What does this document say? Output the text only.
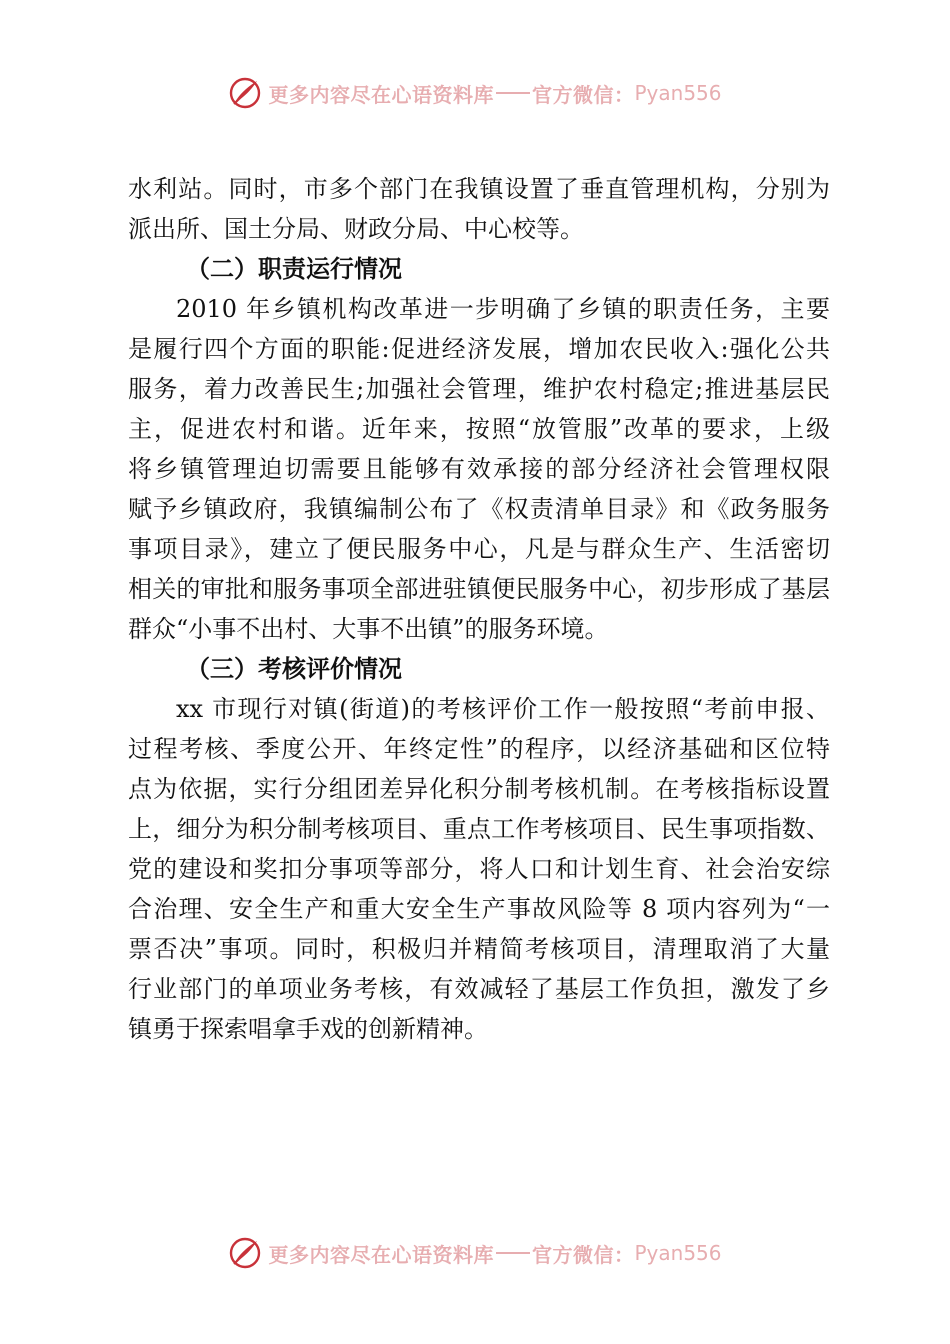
更多内容尽在心语资料库 官方微信： Pyan556
水利站。同时，市多个部门在我镇设置了垂直管理机构，分别为
派出所、国土分局、财政分局、中心校等。
（二）职责运行情况
2010 年乡镇机构改革进一步明确了乡镇的职责任务，主要
是履行四个方面的职能:促进经济发展，增加农民收入:强化公共
服务，着力改善民生;加强社会管理，维护农村稳定;推进基层民
主，促进农村和谐。近年来，按照“放管服”改革的要求，上级
将乡镇管理迫切需要且能够有效承接的部分经济社会管理权限
赋予乡镇政府，我镇编制公布了《权责清单目录》和《政务服务
事项目录》，建立了便民服务中心，凡是与群众生产、生活密切
相关的审批和服务事项全部进驻镇便民服务中心，初步形成了基层
群众“小事不出村、大事不出镇”的服务环境。
（三）考核评价情况
xx 市现行对镇(街道)的考核评价工作一般按照“考前申报、
过程考核、季度公开、年终定性”的程序，以经济基础和区位特
点为依据，实行分组团差异化积分制考核机制。在考核指标设置
上，细分为积分制考核项目、重点工作考核项目、民生事项指数、
党的建设和奖扣分事项等部分，将人口和计划生育、社会治安综
合治理、安全生产和重大安全生产事故风险等 8 项内容列为“一
票否决”事项。同时，积极归并精简考核项目，清理取消了大量
行业部门的单项业务考核，有效减轻了基层工作负担，激发了乡
镇勇于探索唱拿手戏的创新精神。
更多内容尽在心语资料库 官方微信： Pyan556
